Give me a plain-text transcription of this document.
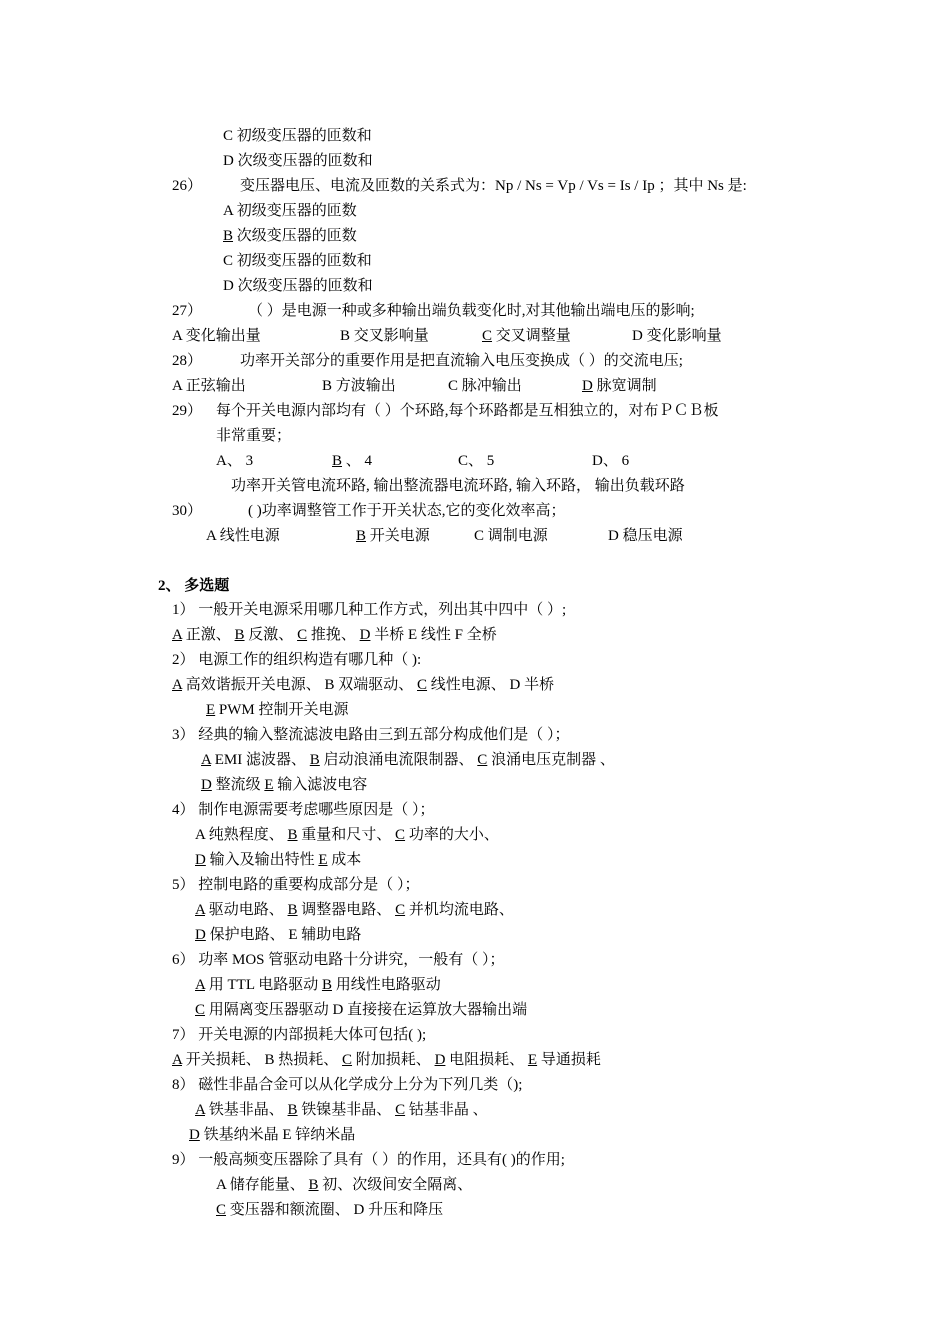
C 初级变压器的匝数和
D 次级变压器的匝数和
26）	变压器电压、电流及匝数的关系式为：Np / Ns = Vp / Vs = Is / Ip ；其中 Ns 是:
A 初级变压器的匝数
B 次级变压器的匝数
C 初级变压器的匝数和
D 次级变压器的匝数和
27）	（ ）是电源一种或多种输出端负载变化时,对其他输出端电压的影响;
A 变化输出量	B 交叉影响量	C 交叉调整量	D 变化影响量
28）	功率开关部分的重要作用是把直流输入电压变换成（ ）的交流电压;
A 正弦输出	B 方波输出	C 脉冲输出	D 脉宽调制
29） 每个开关电源内部均有（ ）个环路,每个环路都是互相独立的，对布ＰＣＢ板
非常重要；
A、 3	B 、 4	C、 5	D、 6
功率开关管电流环路, 输出整流器电流环路, 输入环路， 输出负载环路
30）	( )功率调整管工作于开关状态,它的变化效率高；
A 线性电源	B 开关电源	C 调制电源	D 稳压电源
2、 多选题
1） 一般开关电源采用哪几种工作方式，列出其中四中（ ）;
A 正激、 B 反激、 C 推挽、 D 半桥 E 线性 F 全桥
2） 电源工作的组织构造有哪几种（ ):
A 高效谐振开关电源、 B 双端驱动、 C 线性电源、 D 半桥
E PWM 控制开关电源
3） 经典的输入整流滤波电路由三到五部分构成他们是（ ）；
A EMI 滤波器、 B 启动浪涌电流限制器、 C 浪涌电压克制器 、
D 整流级 E 输入滤波电容
4） 制作电源需要考虑哪些原因是（ ）；
A 纯熟程度、 B 重量和尺寸、 C 功率的大小、
D 输入及输出特性 E 成本
5） 控制电路的重要构成部分是（ ）；
A 驱动电路、 B 调整器电路、 C 并机均流电路、
D 保护电路、 E 辅助电路
6） 功率 MOS 管驱动电路十分讲究，一般有（ ）；
A 用 TTL 电路驱动 B 用线性电路驱动
C 用隔离变压器驱动 D 直接接在运算放大器输出端
7） 开关电源的内部损耗大体可包括( );
A 开关损耗、 B 热损耗、 C 附加损耗、 D 电阻损耗、 E 导通损耗
8） 磁性非晶合金可以从化学成分上分为下列几类（);
A 铁基非晶、 B 铁镍基非晶、 C 钴基非晶 、
D 铁基纳米晶 E 锌纳米晶
9） 一般高频变压器除了具有（ ）的作用，还具有( )的作用;
A 储存能量、 B 初、次级间安全隔离、
C 变压器和额流圈、 D 升压和降压
